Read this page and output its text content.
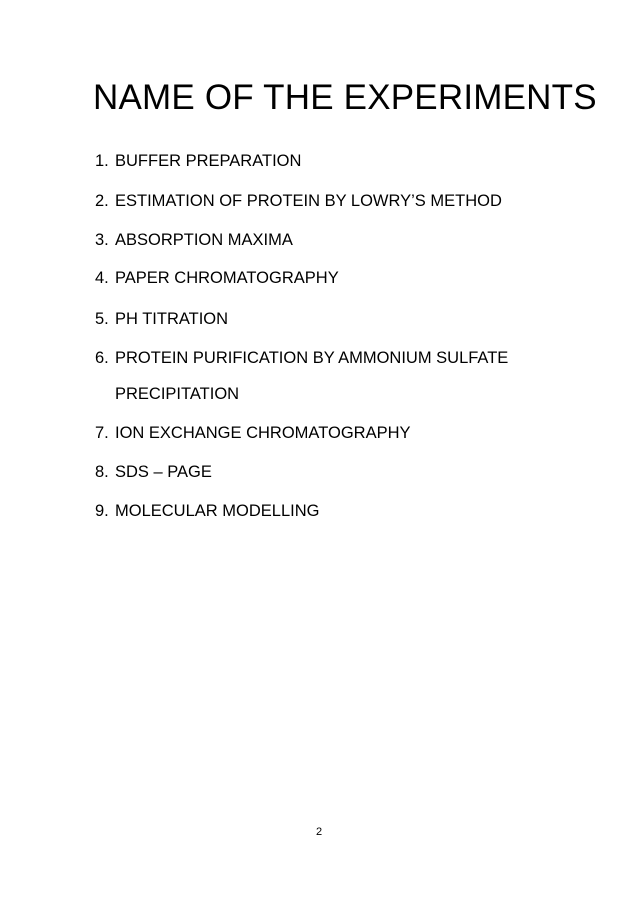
NAME OF THE EXPERIMENTS
1. BUFFER PREPARATION
2. ESTIMATION OF PROTEIN BY LOWRY’S METHOD
3. ABSORPTION MAXIMA
4. PAPER CHROMATOGRAPHY
5. PH TITRATION
6. PROTEIN PURIFICATION BY AMMONIUM SULFATE
PRECIPITATION
7. ION EXCHANGE CHROMATOGRAPHY
8. SDS – PAGE
9. MOLECULAR MODELLING
2
